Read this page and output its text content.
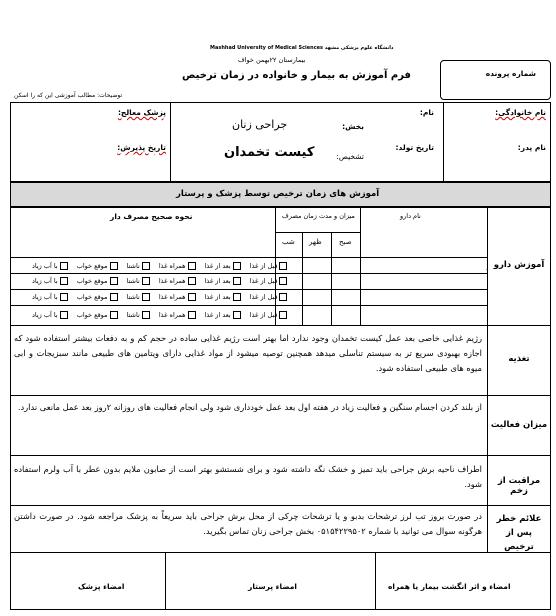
دانشگاه علوم پزشکی مشهد Mashhad University of Medical Sciences
بیمارستان ۲۲بهمن خواف
فرم آموزش به بیمار و خانواده در زمان ترخیص	شماره پرونده
توضیحات: مطالب آموزشی این که را اسکن
نام خانوادگی:
نام:
پزشک معالج:
بخش:
جراحی زنان
نام پدر:
تاریخ تولد:
تاریخ پذیرش:
تشخیص:
کیست تخمدان
آموزش های زمان ترخیص توسط پزشک و پرستار
آموزش دارو
نام دارو
میزان و مدت زمان مصرف
نحوه صحیح مصرف دار
صبح
ظهر
شب
ـ
قبل از غذا بعد از غذا همراه غذا ناشتا موقع خواب با آب زیاد
قبل از غذا بعد از غذا همراه غذا ناشتا موقع خواب با آب زیاد
قبل از غذا بعد از غذا همراه غذا ناشتا موقع خواب با آب زیاد
قبل از غذا بعد از غذا همراه غذا ناشتا موقع خواب با آب زیاد
تغذیه
رژیم غذایی خاصی بعد عمل کیست تخمدان وجود ندارد اما بهتر است رژیم غذایی ساده در حجم کم و به دفعات بیشتر استفاده شود که اجازه بهبودی سریع تر به سیستم تناسلی میدهد همچنین توصیه میشود از مواد غذایی دارای ویتامین های طبیعی مانند سبزیجات و ابی میوه های طبیعی استفاده شود.
میزان فعالیت
از بلند کردن اجسام سنگین و فعالیت زیاد در هفته اول بعد عمل خودداری شود ولی انجام فعالیت های روزانه ۲روز بعد عمل مانعی ندارد.
مراقبت از زخم
اطراف ناحیه برش جراحی باید تمیز و خشک نگه داشته شود و برای شستشو بهتر است از صابون ملایم بدون عطر با آب ولرم استفاده شود.
علائم خطر پس از ترخیص
در صورت بروز تب لرز ترشحات بدبو و یا ترشحات چرکی از محل برش جراحی باید سریعاً به پزشک مراجعه شود. در صورت داشتن هرگونه سوال می توانید با شماره ۰۵۱۵۴۲۲۹۵۰۲ بخش جراحی زنان تماس بگیرید.
امضاء و اثر انگشت بیمار یا همراه
امضاء پرستار
امضاء پزشک
